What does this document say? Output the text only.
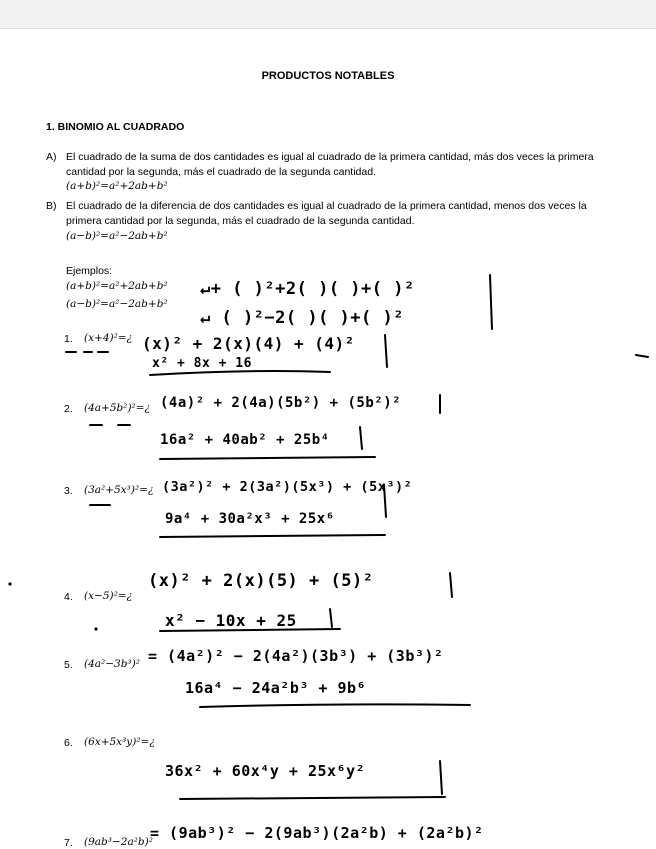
PRODUCTOS NOTABLES
1. BINOMIO AL CUADRADO
A) El cuadrado de la suma de dos cantidades es igual al cuadrado de la primera cantidad, más dos veces la primera cantidad por la segunda, más el cuadrado de la segunda cantidad.
(a+b)²=a²+2ab+b²
B) El cuadrado de la diferencia de dos cantidades es igual al cuadrado de la primera cantidad, menos dos veces la primera cantidad por la segunda, más el cuadrado de la segunda cantidad.
(a−b)²=a²−2ab+b²
Ejemplos:
(a+b)²=a²+2ab+b²
(a−b)²=a²−2ab+b²
1. (x+4)²=¿
2. (4a+5b²)²=¿
3. (3a²+5x³)²=¿
4. (x−5)²=¿
5. (4a²−3b³)²
6. (6x+5x³y)²=¿
7. (9ab³−2a²b)²
↵+ ( )²+2( )( )+( )²
↵ ( )²−2( )( )+( )²
(x)² + 2(x)(4) + (4)²
x² + 8x + 16
(4a)² + 2(4a)(5b²) + (5b²)²
16a² + 40ab² + 25b⁴
(3a²)² + 2(3a²)(5x³) + (5x³)²
9a⁴ + 30a²x³ + 25x⁶
(x)² + 2(x)(5) + (5)²
x² − 10x + 25
= (4a²)² − 2(4a²)(3b³) + (3b³)²
16a⁴ − 24a²b³ + 9b⁶
36x² + 60x⁴y + 25x⁶y²
= (9ab³)² − 2(9ab³)(2a²b) + (2a²b)²
